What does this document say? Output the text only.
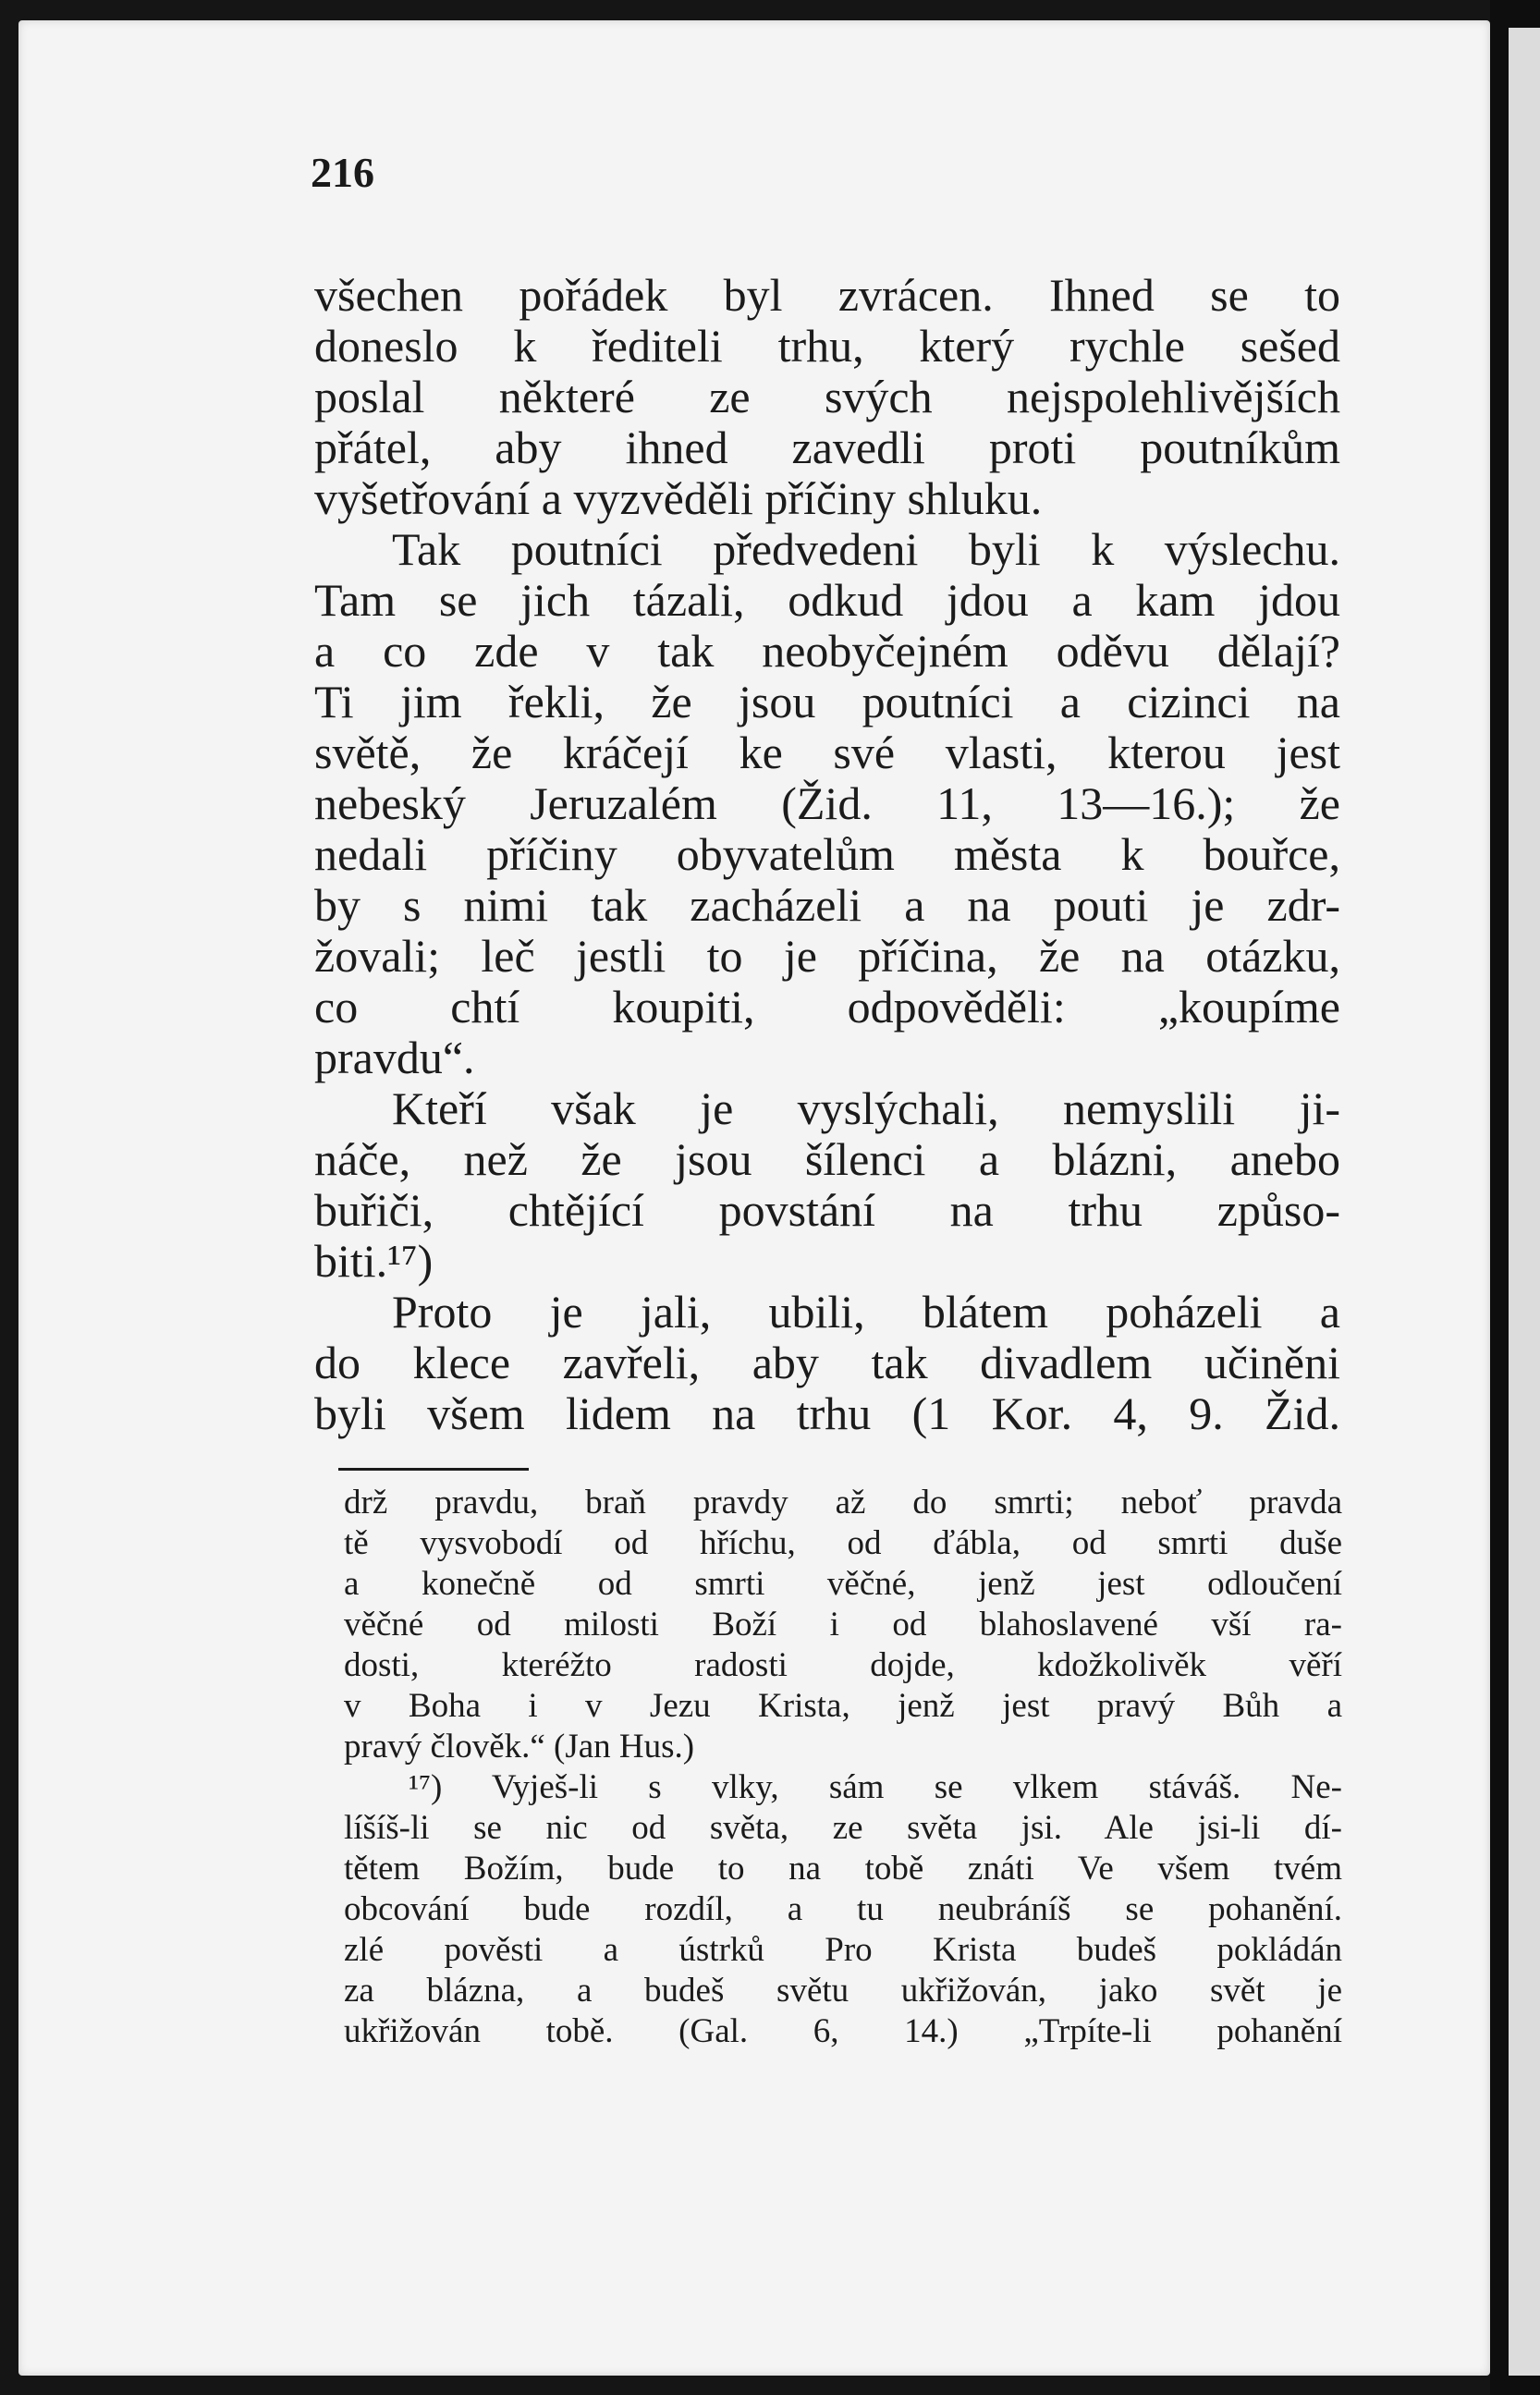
216
všechen pořádek byl zvrácen. Ihned se to
doneslo k řediteli trhu, který rychle sešed
poslal některé ze svých nejspolehlivějších
přátel, aby ihned zavedli proti poutníkům
vyšetřování a vyzvěděli příčiny shluku.
Tak poutníci předvedeni byli k výslechu.
Tam se jich tázali, odkud jdou a kam jdou
a co zde v tak neobyčejném oděvu dělají?
Ti jim řekli, že jsou poutníci a cizinci na
světě, že kráčejí ke své vlasti, kterou jest
nebeský Jeruzalém (Žid. 11, 13—16.); že
nedali příčiny obyvatelům města k bouřce,
by s nimi tak zacházeli a na pouti je zdr-
žovali; leč jestli to je příčina, že na otázku,
co chtí koupiti, odpověděli: „koupíme
pravdu“.
Kteří však je vyslýchali, nemyslili ji-
náče, než že jsou šílenci a blázni, anebo
buřiči, chtějící povstání na trhu způso-
biti.¹⁷)
Proto je jali, ubili, blátem poházeli a
do klece zavřeli, aby tak divadlem učiněni
byli všem lidem na trhu (1 Kor. 4, 9. Žid.
drž pravdu, braň pravdy až do smrti; neboť pravda
tě vysvobodí od hříchu, od ďábla, od smrti duše
a konečně od smrti věčné, jenž jest odloučení
věčné od milosti Boží i od blahoslavené vší ra-
dosti, kteréžto radosti dojde, kdožkolivěk věří
v Boha i v Jezu Krista, jenž jest pravý Bůh a
pravý člověk.“ (Jan Hus.)
¹⁷) Vyješ-li s vlky, sám se vlkem stáváš. Ne-
líšíš-li se nic od světa, ze světa jsi. Ale jsi-li dí-
tětem Božím, bude to na tobě znáti Ve všem tvém
obcování bude rozdíl, a tu neubráníš se pohanění.
zlé pověsti a ústrků Pro Krista budeš pokládán
za blázna, a budeš světu ukřižován, jako svět je
ukřižován tobě. (Gal. 6, 14.) „Trpíte-li pohanění
